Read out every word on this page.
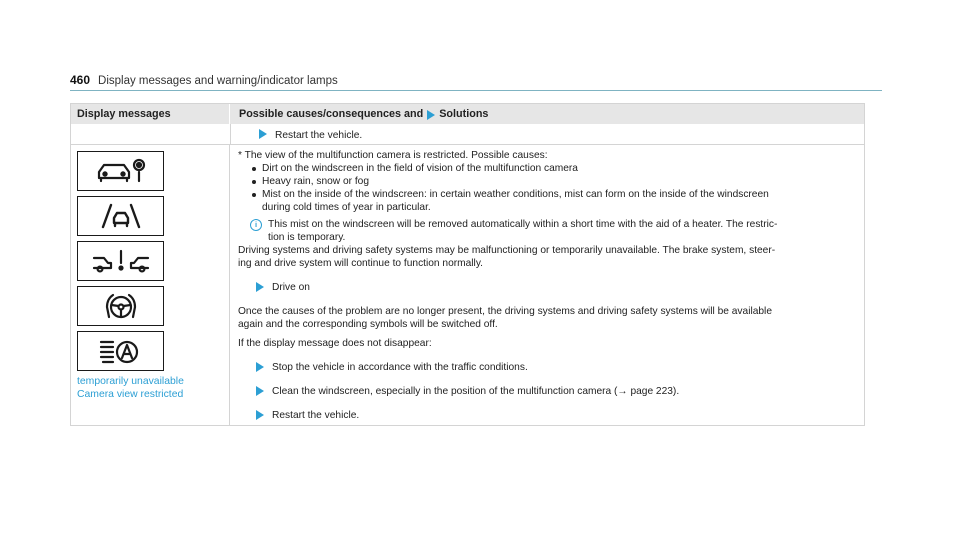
460 Display messages and warning/indicator lamps
Display messages	Possible causes/consequences and Solutions
Restart the vehicle.
temporarily unavailable
Camera view restricted

* The view of the multifunction camera is restricted. Possible causes:

Dirt on the windscreen in the field of vision of the multifunction camera
Heavy rain, snow or fog
Mist on the inside of the windscreen: in certain weather conditions, mist can form on the inside of the windscreen
during cold times of year in particular.
i	This mist on the windscreen will be removed automatically within a short time with the aid of a heater. The restric-
tion is temporary.
Driving systems and driving safety systems may be malfunctioning or temporarily unavailable. The brake system, steer-
ing and drive system will continue to function normally.
Drive on
Once the causes of the problem are no longer present, the driving systems and driving safety systems will be available
again and the corresponding symbols will be switched off.
If the display message does not disappear:
Stop the vehicle in accordance with the traffic conditions.
Clean the windscreen, especially in the position of the multifunction camera (→ page 223).
Restart the vehicle.
